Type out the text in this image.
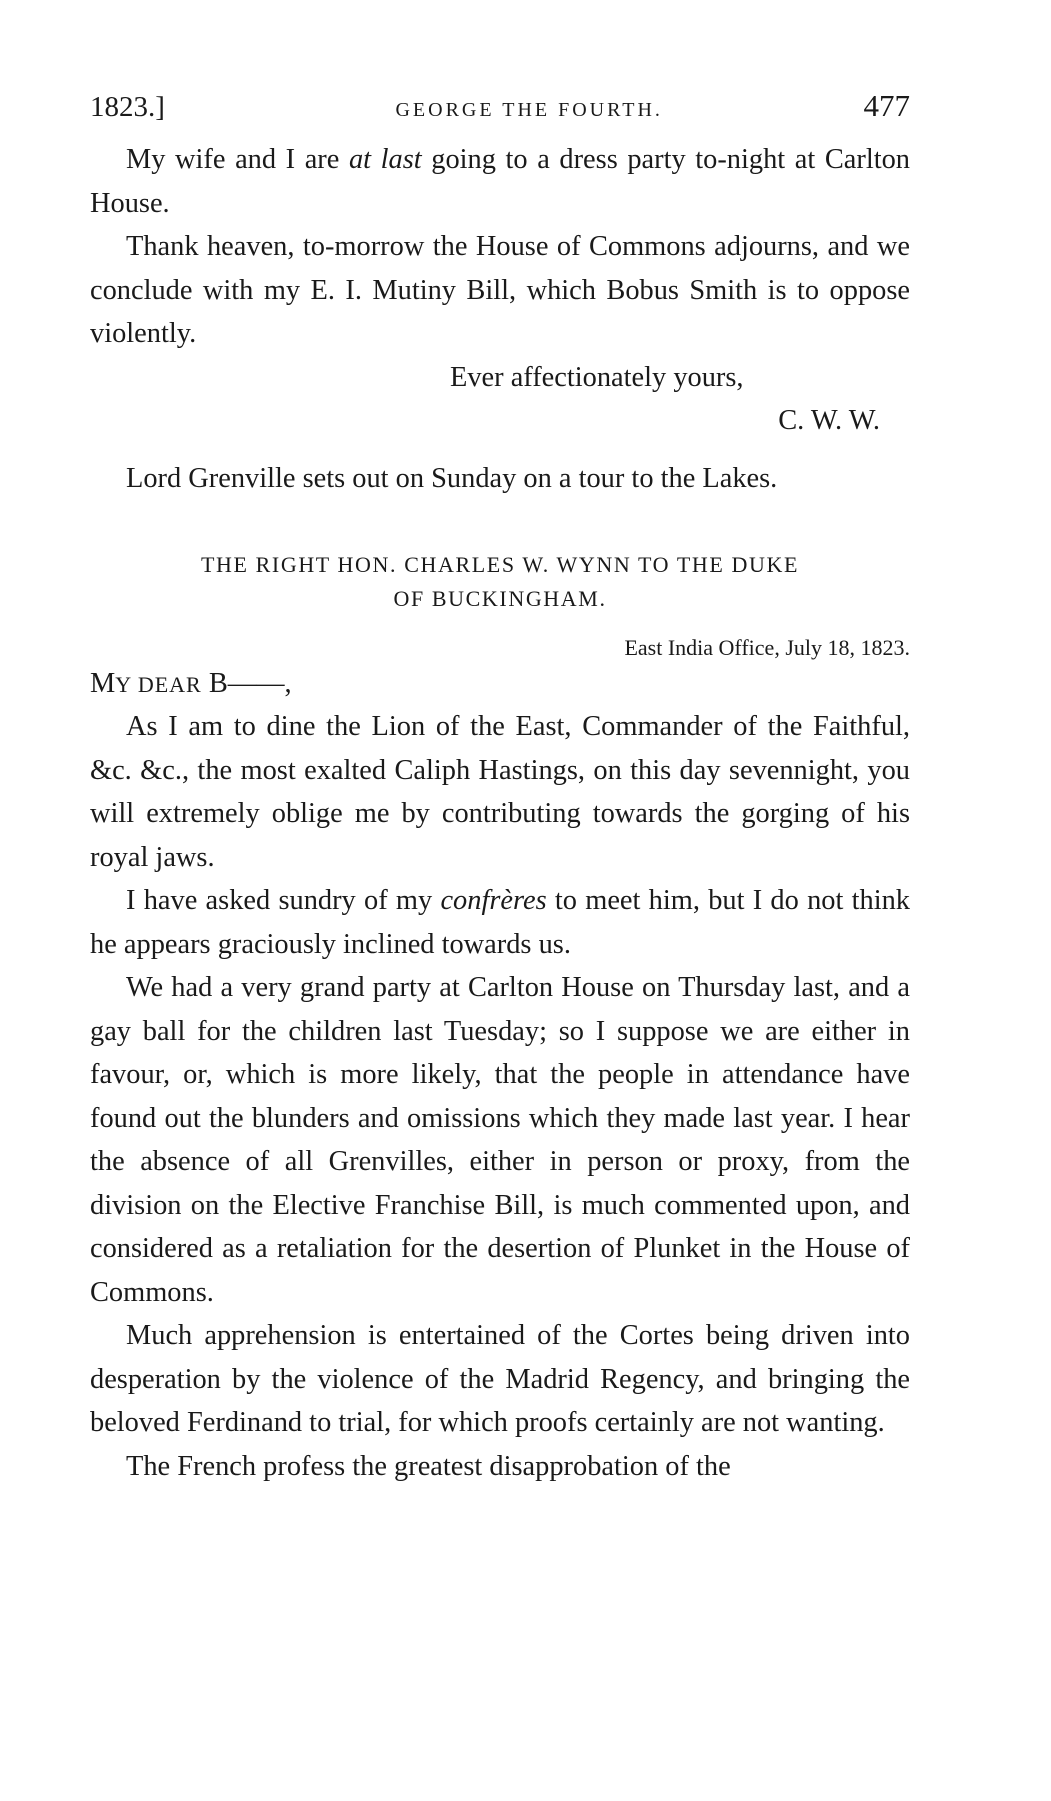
1823.]	GEORGE THE FOURTH.	477

My wife and I are at last going to a dress party to-night at Carlton House.

Thank heaven, to-morrow the House of Commons adjourns, and we conclude with my E. I. Mutiny Bill, which Bobus Smith is to oppose violently.

Ever affectionately yours,

C. W. W.

Lord Grenville sets out on Sunday on a tour to the Lakes.

THE RIGHT HON. CHARLES W. WYNN TO THE DUKE
OF BUCKINGHAM.
East India Office, July 18, 1823.
MY DEAR B——,

As I am to dine the Lion of the East, Commander of the Faithful, &c. &c., the most exalted Caliph Hastings, on this day sevennight, you will extremely oblige me by contributing towards the gorging of his royal jaws.

I have asked sundry of my confrères to meet him, but I do not think he appears graciously inclined towards us.

We had a very grand party at Carlton House on Thursday last, and a gay ball for the children last Tuesday; so I suppose we are either in favour, or, which is more likely, that the people in attendance have found out the blunders and omissions which they made last year. I hear the absence of all Grenvilles, either in person or proxy, from the division on the Elective Franchise Bill, is much commented upon, and considered as a retaliation for the desertion of Plunket in the House of Commons.

Much apprehension is entertained of the Cortes being driven into desperation by the violence of the Madrid Regency, and bringing the beloved Ferdinand to trial, for which proofs certainly are not wanting.

The French profess the greatest disapprobation of the
